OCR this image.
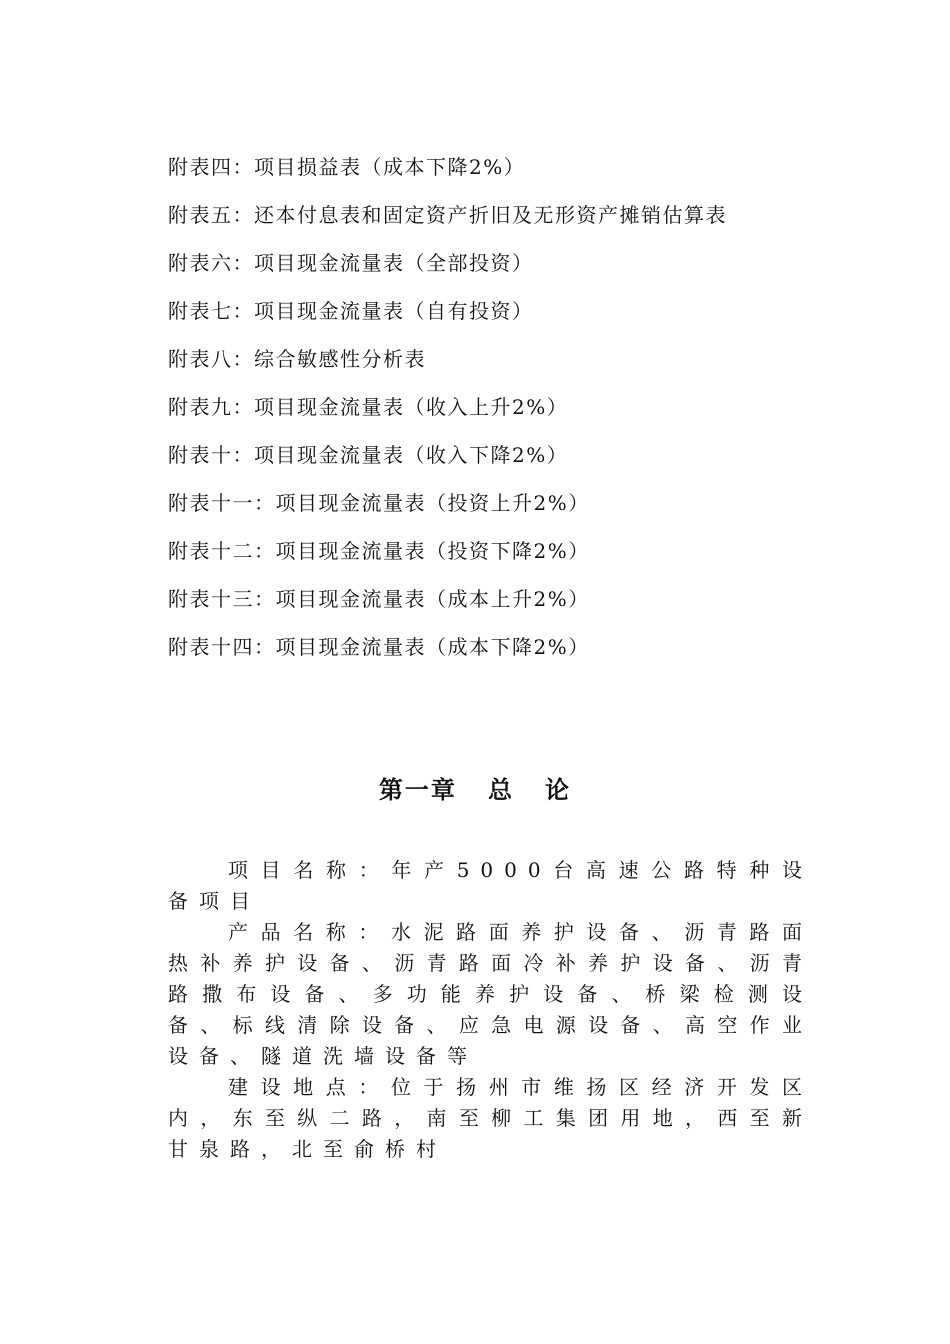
附表四：项目损益表（成本下降2%）
附表五：还本付息表和固定资产折旧及无形资产摊销估算表
附表六：项目现金流量表（全部投资）
附表七：项目现金流量表（自有投资）
附表八：综合敏感性分析表
附表九：项目现金流量表（收入上升2%）
附表十：项目现金流量表（收入下降2%）
附表十一：项目现金流量表（投资上升2%）
附表十二：项目现金流量表（投资下降2%）
附表十三：项目现金流量表（成本上升2%）
附表十四：项目现金流量表（成本下降2%）
第一章   总   论

项目名称：年产5000台高速公路特种设备项目

产品名称：水泥路面养护设备、沥青路面热补养护设备、沥青路面冷补养护设备、沥青路撒布设备、多功能养护设备、桥梁检测设备、标线清除设备、应急电源设备、高空作业设备、隧道洗墙设备等

建设地点：位于扬州市维扬区经济开发区内，东至纵二路，南至柳工集团用地，西至新甘泉路，北至俞桥村
